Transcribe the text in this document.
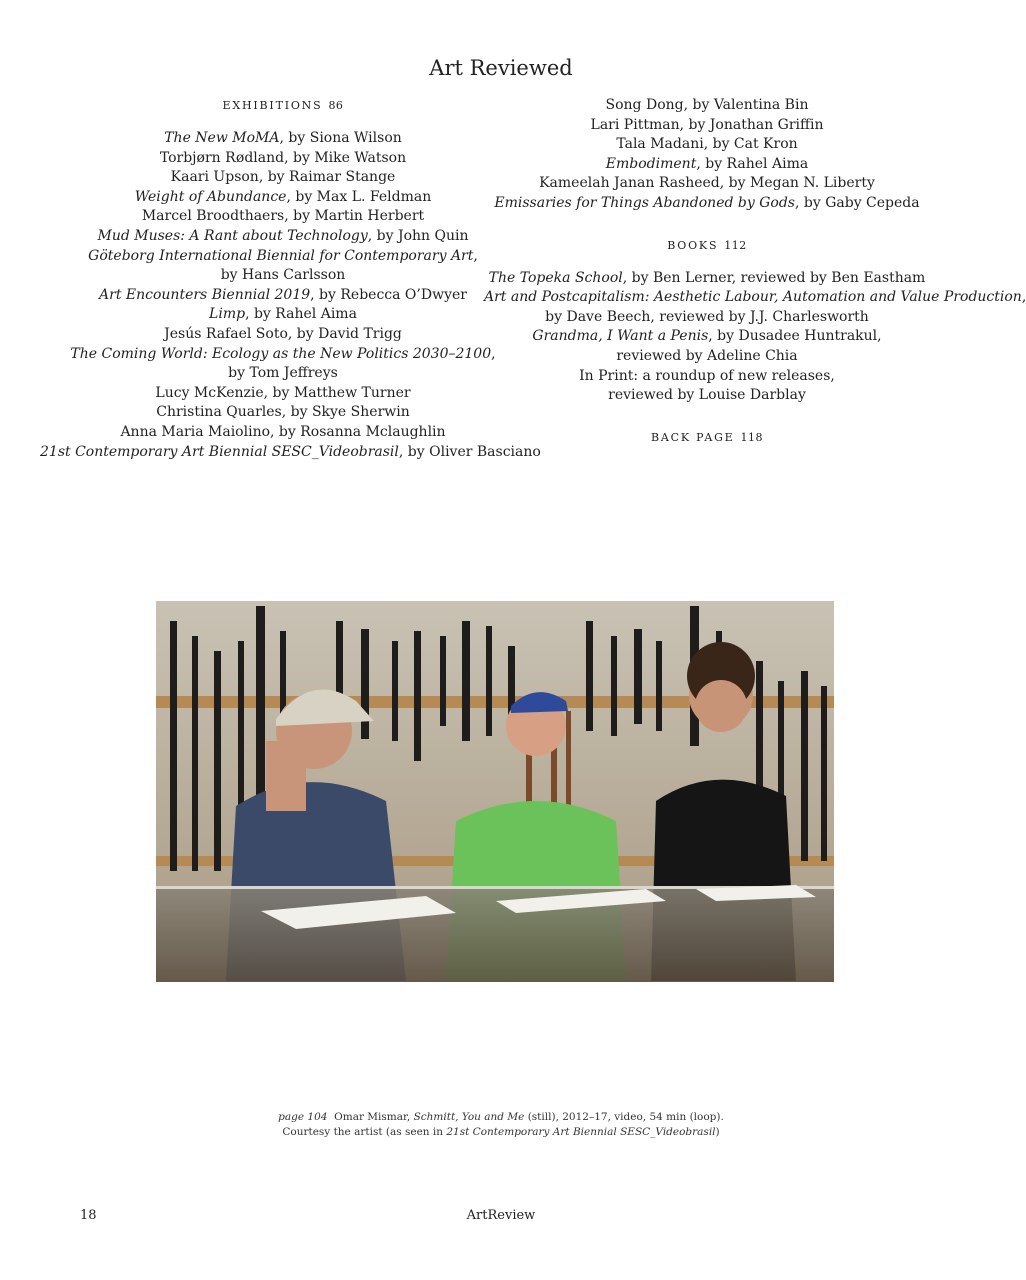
Art Reviewed
EXHIBITIONS 86
The New MoMA, by Siona Wilson
Torbjørn Rødland, by Mike Watson
Kaari Upson, by Raimar Stange
Weight of Abundance, by Max L. Feldman
Marcel Broodthaers, by Martin Herbert
Mud Muses: A Rant about Technology, by John Quin
Göteborg International Biennial for Contemporary Art,
by Hans Carlsson
Art Encounters Biennial 2019, by Rebecca O’Dwyer
Limp, by Rahel Aima
Jesús Rafael Soto, by David Trigg
The Coming World: Ecology as the New Politics 2030–2100,
by Tom Jeffreys
Lucy McKenzie, by Matthew Turner
Christina Quarles, by Skye Sherwin
Anna Maria Maiolino, by Rosanna Mclaughlin
21st Contemporary Art Biennial SESC_Videobrasil, by Oliver Basciano
Song Dong, by Valentina Bin
Lari Pittman, by Jonathan Griffin
Tala Madani, by Cat Kron
Embodiment, by Rahel Aima
Kameelah Janan Rasheed, by Megan N. Liberty
Emissaries for Things Abandoned by Gods, by Gaby Cepeda
BOOKS 112
The Topeka School, by Ben Lerner, reviewed by Ben Eastham
Art and Postcapitalism: Aesthetic Labour, Automation and Value Production,
by Dave Beech, reviewed by J.J. Charlesworth
Grandma, I Want a Penis, by Dusadee Huntrakul,
reviewed by Adeline Chia
In Print: a roundup of new releases,
reviewed by Louise Darblay
BACK PAGE 118
page 104 Omar Mismar, Schmitt, You and Me (still), 2012–17, video, 54 min (loop).
Courtesy the artist (as seen in 21st Contemporary Art Biennial SESC_Videobrasil)
18	ArtReview
